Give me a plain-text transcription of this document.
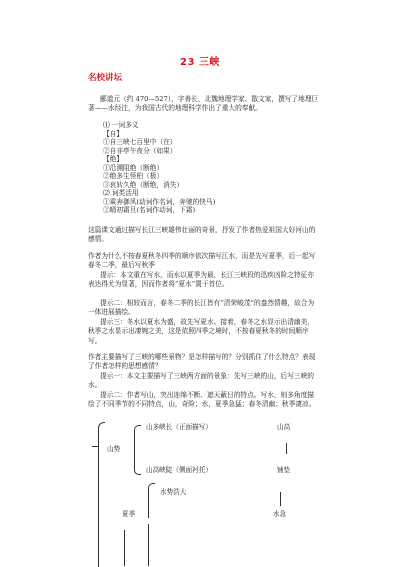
23 三峡
名校讲坛
郦道元（约 470—527），字善长，北魏地理学家、散文家，撰写了地理巨著——水经注，为我国古代的地理科学作出了重大的奉献。
⑴ 一词多义
【自】
①自三峡七百里中（在）
②自非亭午夜分（如果）
【绝】
①沿溯阻绝（断绝）
②绝多生怪柏（极）
③哀转久绝（断绝，消失）
⑵ 词类活用
①乘奔御风(动词作名词，奔驰的快马)
②晴初霜旦(名词作动词，下霜)
这篇课文通过描写长江三峡雄伟壮丽的奇景，抒发了作者热爱祖国大好河山的感情。
作者为什么不按春夏秋冬四季的顺序依次描写江水，而是先写夏季，后一起写春冬二季，最后写秋季
提示：本文重在写水，而水以夏季为最，长江三峡段的迅疾凶险之特征亦表达得尤为显著，因而作者将“夏水”置于首位。
提示二：相较而言，春冬二季的长江皆有“清荣峻茂”的盎然情趣，故合为一体进展描绘。
提示三：冬水以夏水为盛，故先写夏水。接着，春冬之水显示出清幽美，秋季之水显示出凄婉之美，这是依照四季之境时，不按春夏秋冬的时间顺序写。
作者主要描写了三峡的哪些景物？是怎样描写的？分别抓住了什么特点？表现了作者怎样的思想感情？
提示一：本文主要描写了三峡两方面的景象：先写三峡的山，后写三峡的水。
提示二：作者写山，突出连绵不断、遮天蔽日的特点。写水，则多角度描绘了不同季节的不同特点，山，奇险；水，夏季急猛；春冬清幽；秋季凄凉。
山势
山多峡长（正面描写）	山高
山高峡陡（侧面衬托）	铺垫
水势浩大
夏季	水急
